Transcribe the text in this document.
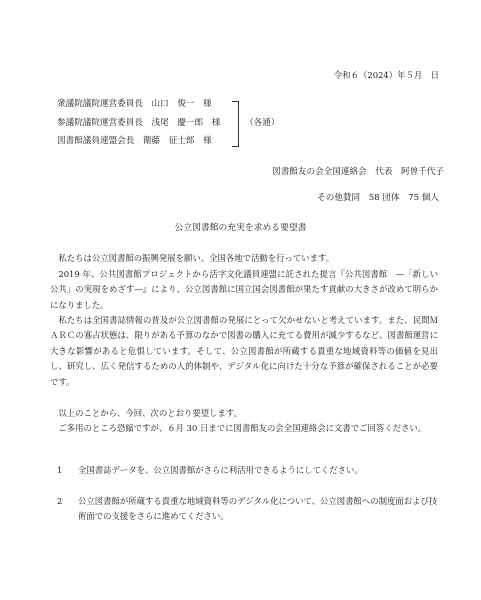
令和６（2024）年５月　日

衆議院議院運営委員長　山口　俊一　様

参議院議院運営委員長　浅尾　慶一郎　様

図書館議員連盟会長　衛藤　征士郎　様

（各通）

図書館友の会全国連絡会　代表　阿曽千代子

その他賛同　58 団体　75 個人

公立図書館の充実を求める要望書

私たちは公立図書館の振興発展を願い、全国各地で活動を行っています。

2019 年、公共図書館プロジェクトから活字文化議員連盟に託された提言『公共図書館　―「新しい公共」の実現をめざす―』により、公立図書館に国立国会図書館が果たす貢献の大きさが改めて明らかになりました。

私たちは全国書誌情報の普及が公立図書館の発展にとって欠かせないと考えています。また、民間ＭＡＲＣの寡占状態は、限りがある予算のなかで図書の購入に充てる費用が減少するなど、図書館運営に大きな影響があると危惧しています。そして、公立図書館が所蔵する貴重な地域資料等の価値を見出し、研究し、広く発信するための人的体制や、デジタル化に向けた十分な予算が確保されることが必要です。

以上のことから、今回、次のとおり要望します。

ご多用のところ恐縮ですが、６月 30 日までに図書館友の会全国連絡会に文書でご回答ください。

1 全国書誌データを、公立図書館がさらに利活用できるようにしてください。
2 公立図書館が所蔵する貴重な地域資料等のデジタル化について、公立図書館への制度面および技術面での支援をさらに進めてください。
